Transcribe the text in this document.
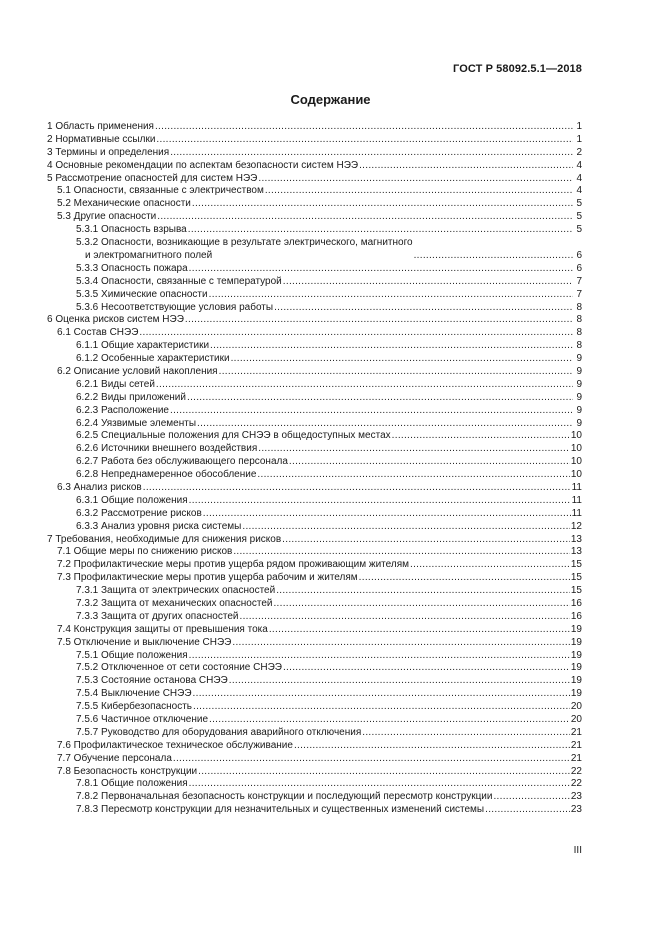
ГОСТ Р 58092.5.1—2018
Содержание
1 Область применения .....	1
2 Нормативные ссылки .....	1
3 Термины и определения .....	2
4 Основные рекомендации по аспектам безопасности систем НЭЭ .....	4
5 Рассмотрение опасностей для систем НЭЭ .....	4
5.1 Опасности, связанные с электричеством .....	4
5.2 Механические опасности .....	5
5.3 Другие опасности .....	5
5.3.1 Опасность взрыва .....	5
5.3.2 Опасности, возникающие в результате электрического, магнитного
и электромагнитного полей .....	6
5.3.3 Опасность пожара .....	6
5.3.4 Опасности, связанные с температурой .....	7
5.3.5 Химические опасности .....	7
5.3.6 Несоответствующие условия работы .....	8
6 Оценка рисков систем НЭЭ .....	8
6.1 Состав СНЭЭ .....	8
6.1.1 Общие характеристики .....	8
6.1.2 Особенные характеристики .....	9
6.2 Описание условий накопления .....	9
6.2.1 Виды сетей .....	9
6.2.2 Виды приложений .....	9
6.2.3 Расположение .....	9
6.2.4 Уязвимые элементы .....	9
6.2.5 Специальные положения для СНЭЭ в общедоступных местах .....	10
6.2.6 Источники внешнего воздействия .....	10
6.2.7 Работа без обслуживающего персонала .....	10
6.2.8 Непреднамеренное обособление .....	10
6.3 Анализ рисков .....	11
6.3.1 Общие положения .....	11
6.3.2 Рассмотрение рисков .....	11
6.3.3 Анализ уровня риска системы .....	12
7 Требования, необходимые для снижения рисков .....	13
7.1 Общие меры по снижению рисков .....	13
7.2 Профилактические меры против ущерба рядом проживающим жителям .....	15
7.3 Профилактические меры против ущерба рабочим и жителям .....	15
7.3.1 Защита от электрических опасностей .....	15
7.3.2 Защита от механических опасностей .....	16
7.3.3 Защита от других опасностей .....	16
7.4 Конструкция защиты от превышения тока .....	19
7.5 Отключение и выключение СНЭЭ .....	19
7.5.1 Общие положения .....	19
7.5.2 Отключенное от сети состояние СНЭЭ .....	19
7.5.3 Состояние останова СНЭЭ .....	19
7.5.4 Выключение СНЭЭ .....	19
7.5.5 Кибербезопасность .....	20
7.5.6 Частичное отключение .....	20
7.5.7 Руководство для оборудования аварийного отключения .....	21
7.6 Профилактическое техническое обслуживание .....	21
7.7 Обучение персонала .....	21
7.8 Безопасность конструкции .....	22
7.8.1 Общие положения .....	22
7.8.2 Первоначальная безопасность конструкции и последующий пересмотр конструкции .....	23
7.8.3 Пересмотр конструкции для незначительных и существенных изменений системы .....	23
III
